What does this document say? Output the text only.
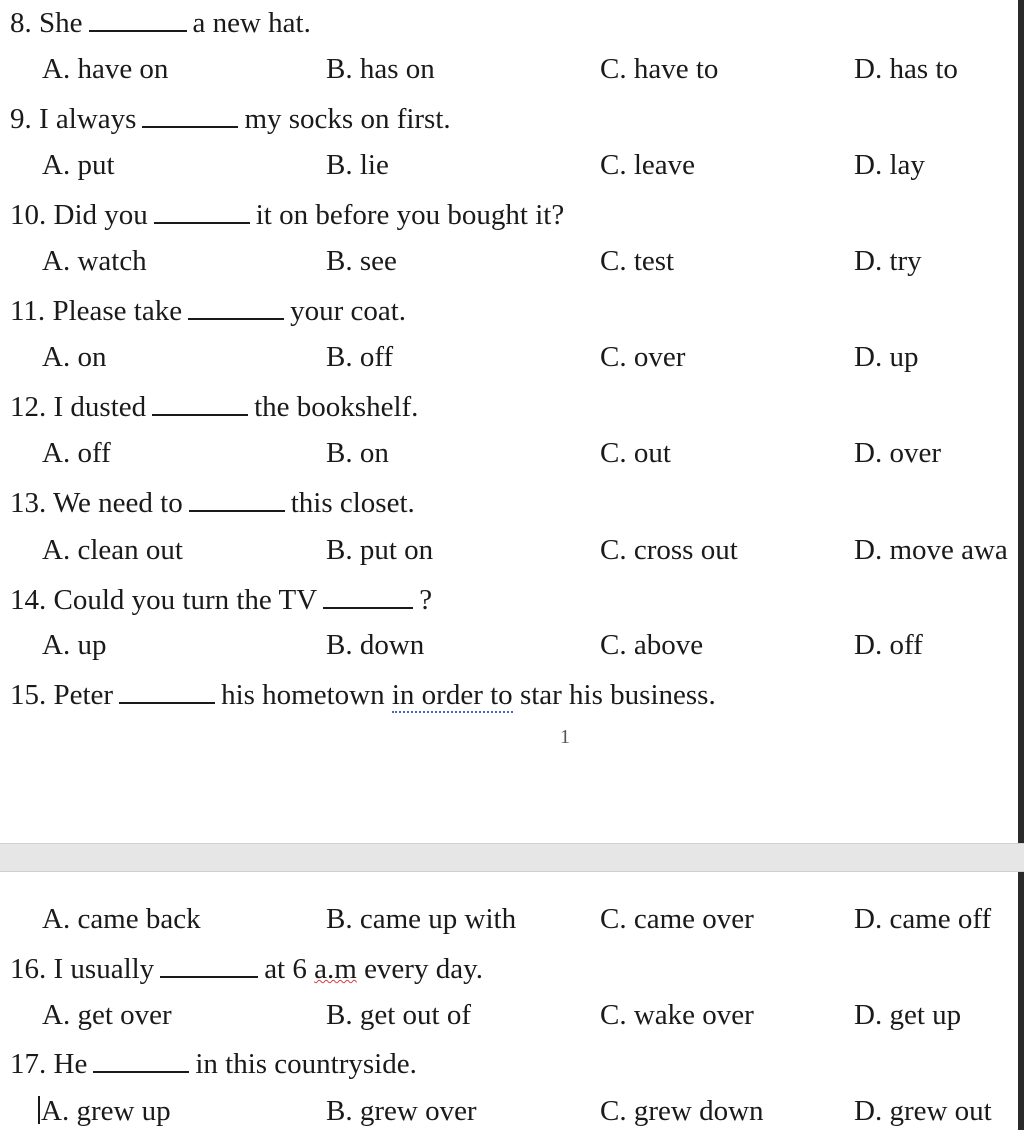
8. She	a new hat.
A. have on	B. has on	C. have to	D. has to
9. I always	my socks on first.
A. put	B. lie	C. leave	D. lay
10. Did you	it on before you bought it?
A. watch	B. see	C. test	D. try
11. Please take	your coat.
A. on	B. off	C. over	D. up
12. I dusted	the bookshelf.
A. off	B. on	C. out	D. over
13. We need to	this closet.
A. clean out	B. put on	C. cross out	D. move awa
14. Could you turn the TV	?
A. up	B. down	C. above	D. off
15. Peter	his hometown in order to star his business.
1
A. came back	B. came up with	C. came over	D. came off
16. I usually	at 6 a.m every day.
A. get over	B. get out of	C. wake over	D. get up
17. He	in this countryside.
A. grew up	B. grew over	C. grew down	D. grew out
